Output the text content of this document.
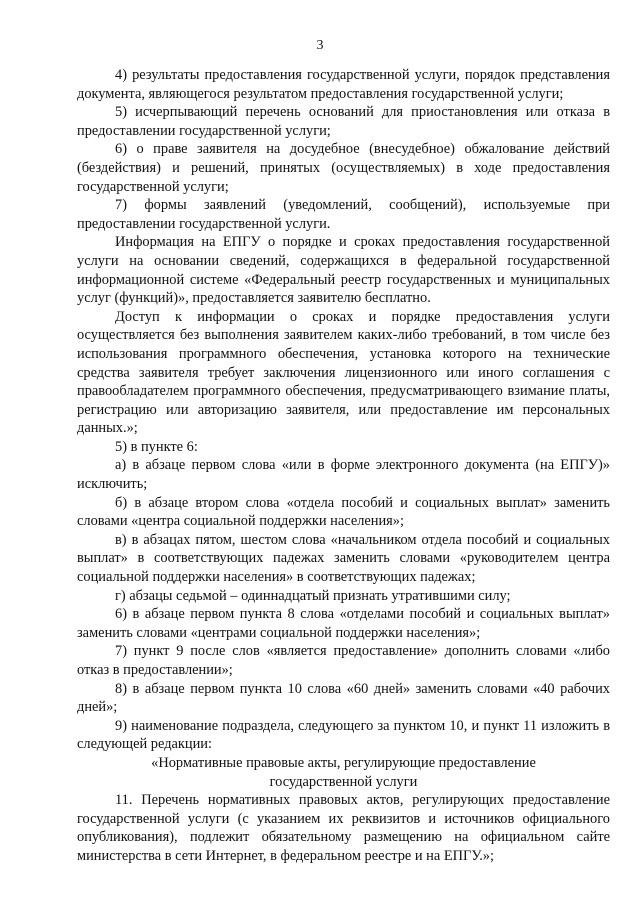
3

4) результаты предоставления государственной услуги, порядок представления документа, являющегося результатом предоставления государственной услуги;

5) исчерпывающий перечень оснований для приостановления или отказа в предоставлении государственной услуги;

6) о праве заявителя на досудебное (внесудебное) обжалование действий (бездействия) и решений, принятых (осуществляемых) в ходе предоставления государственной услуги;

7) формы заявлений (уведомлений, сообщений), используемые при предоставлении государственной услуги.

Информация на ЕПГУ о порядке и сроках предоставления государственной услуги на основании сведений, содержащихся в федеральной государственной информационной системе «Федеральный реестр государственных и муниципальных услуг (функций)», предоставляется заявителю бесплатно.

Доступ к информации о сроках и порядке предоставления услуги осуществляется без выполнения заявителем каких-либо требований, в том числе без использования программного обеспечения, установка которого на технические средства заявителя требует заключения лицензионного или иного соглашения с правообладателем программного обеспечения, предусматривающего взимание платы, регистрацию или авторизацию заявителя, или предоставление им персональных данных.»;

5) в пункте 6:

а) в абзаце первом слова «или в форме электронного документа (на ЕПГУ)» исключить;

б) в абзаце втором слова «отдела пособий и социальных выплат» заменить словами «центра социальной поддержки населения»;

в) в абзацах пятом, шестом слова «начальником отдела пособий и социальных выплат» в соответствующих падежах заменить словами «руководителем центра социальной поддержки населения» в соответствующих падежах;

г) абзацы седьмой – одиннадцатый признать утратившими силу;

6) в абзаце первом пункта 8 слова «отделами пособий и социальных выплат» заменить словами «центрами социальной поддержки населения»;

7) пункт 9 после слов «является предоставление» дополнить словами «либо отказ в предоставлении»;

8) в абзаце первом пункта 10 слова «60 дней» заменить словами «40 рабочих дней»;

9) наименование подраздела, следующего за пунктом 10, и пункт 11 изложить в следующей редакции:

«Нормативные правовые акты, регулирующие предоставление государственной услуги

11. Перечень нормативных правовых актов, регулирующих предоставление государственной услуги (с указанием их реквизитов и источников официального опубликования), подлежит обязательному размещению на официальном сайте министерства в сети Интернет, в федеральном реестре и на ЕПГУ.»;
